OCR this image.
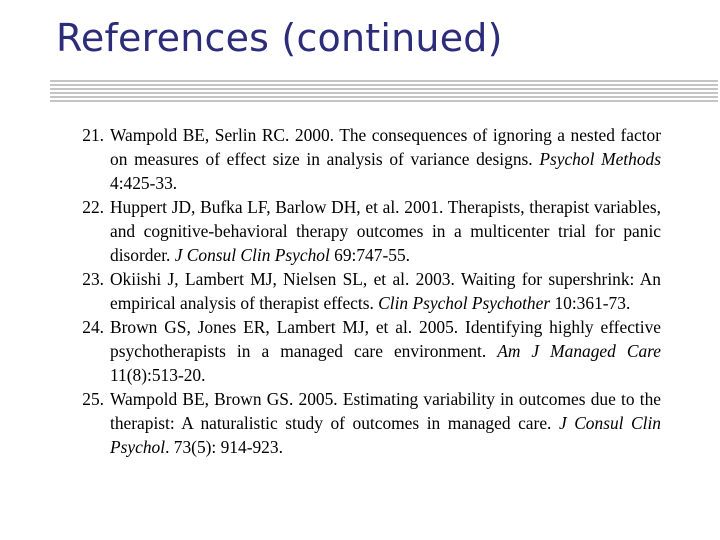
References (continued)
21. Wampold BE, Serlin RC. 2000. The consequences of ignoring a nested factor on measures of effect size in analysis of variance designs. Psychol Methods 4:425-33.
22. Huppert JD, Bufka LF, Barlow DH, et al. 2001. Therapists, therapist variables, and cognitive-behavioral therapy outcomes in a multicenter trial for panic disorder. J Consul Clin Psychol 69:747-55.
23. Okiishi J, Lambert MJ, Nielsen SL, et al. 2003. Waiting for supershrink: An empirical analysis of therapist effects. Clin Psychol Psychother 10:361-73.
24. Brown GS, Jones ER, Lambert MJ, et al. 2005. Identifying highly effective psychotherapists in a managed care environment. Am J Managed Care 11(8):513-20.
25. Wampold BE, Brown GS. 2005. Estimating variability in outcomes due to the therapist: A naturalistic study of outcomes in managed care. J Consul Clin Psychol. 73(5): 914-923.
